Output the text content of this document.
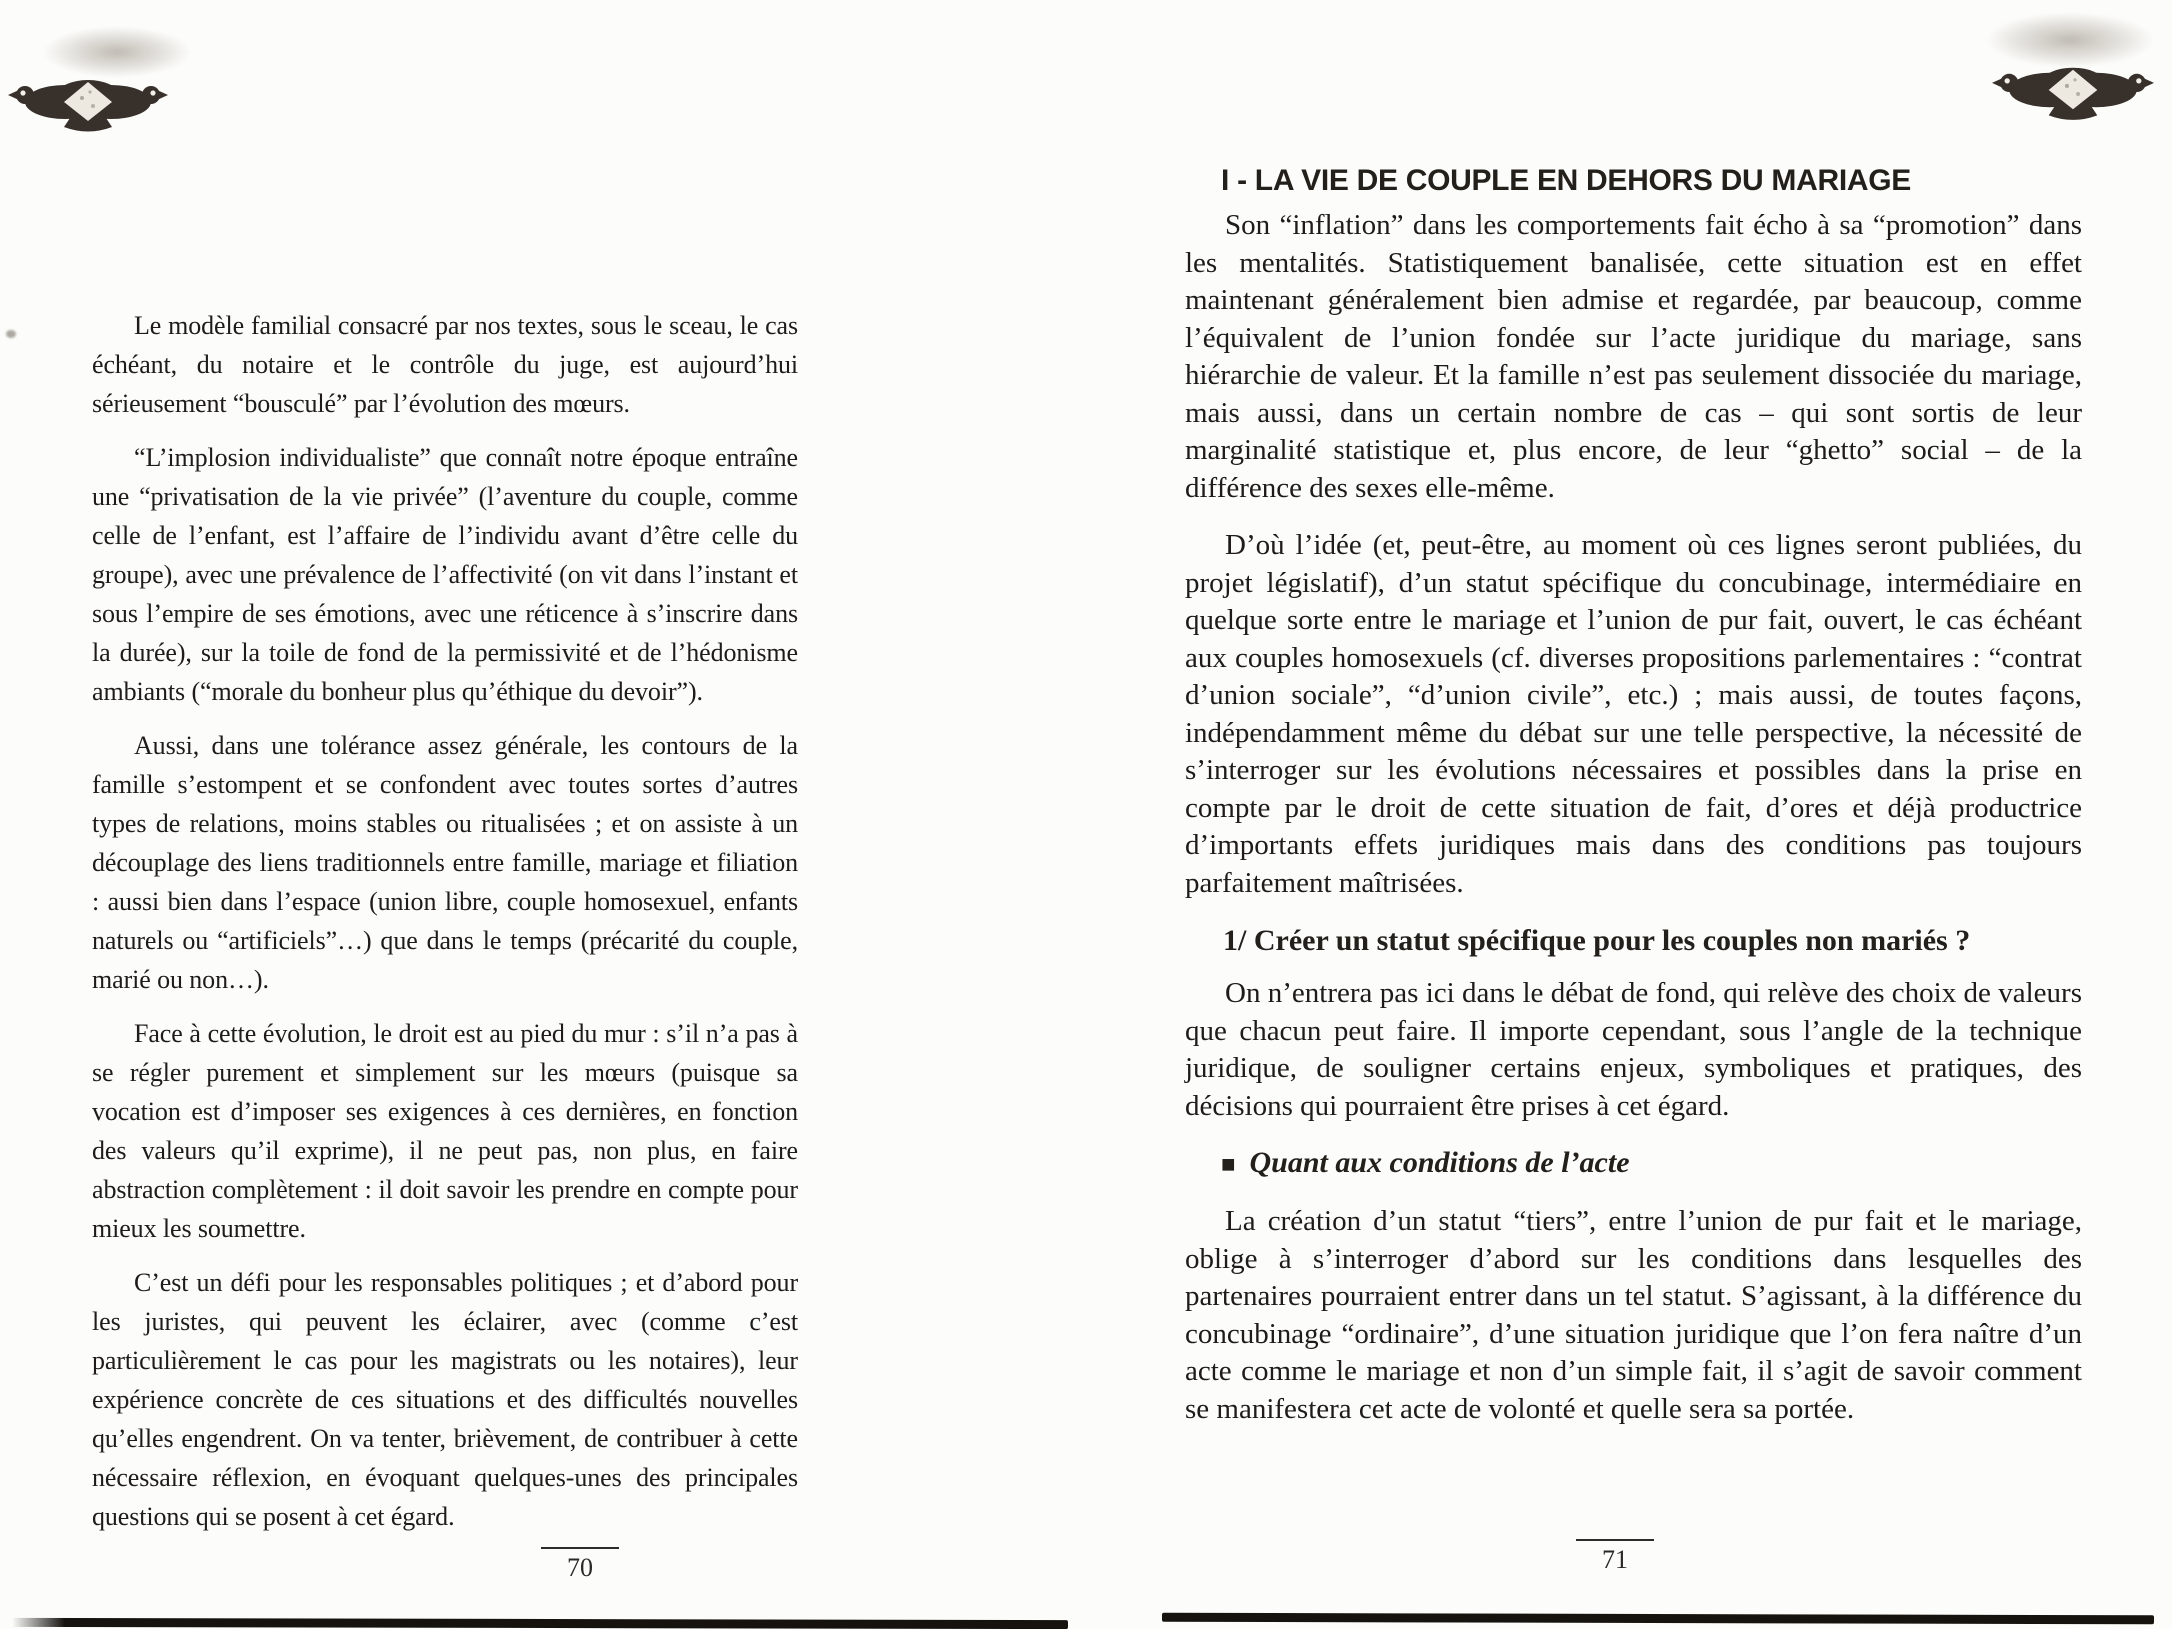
Le modèle familial consacré par nos textes, sous le sceau, le cas échéant, du notaire et le contrôle du juge, est aujourd’hui sérieusement “bousculé” par l’évolution des mœurs.

“L’implosion individualiste” que connaît notre époque entraîne une “privatisation de la vie privée” (l’aventure du couple, comme celle de l’enfant, est l’affaire de l’individu avant d’être celle du groupe), avec une prévalence de l’affectivité (on vit dans l’instant et sous l’empire de ses émotions, avec une réticence à s’inscrire dans la durée), sur la toile de fond de la permissivité et de l’hédonisme ambiants (“morale du bonheur plus qu’éthique du devoir”).

Aussi, dans une tolérance assez générale, les contours de la famille s’estompent et se confondent avec toutes sortes d’autres types de relations, moins stables ou ritualisées ; et on assiste à un découplage des liens traditionnels entre famille, mariage et filiation : aussi bien dans l’espace (union libre, couple homosexuel, enfants naturels ou “artificiels”…) que dans le temps (précarité du couple, marié ou non…).

Face à cette évolution, le droit est au pied du mur : s’il n’a pas à se régler purement et simplement sur les mœurs (puisque sa vocation est d’imposer ses exigences à ces dernières, en fonction des valeurs qu’il exprime), il ne peut pas, non plus, en faire abstraction complètement : il doit savoir les prendre en compte pour mieux les soumettre.

C’est un défi pour les responsables politiques ; et d’abord pour les juristes, qui peuvent les éclairer, avec (comme c’est particulièrement le cas pour les magistrats ou les notaires), leur expérience concrète de ces situations et des difficultés nouvelles qu’elles engendrent. On va tenter, brièvement, de contribuer à cette nécessaire réflexion, en évoquant quelques-unes des principales questions qui se posent à cet égard.

I - LA VIE DE COUPLE EN DEHORS DU MARIAGE

Son “inflation” dans les comportements fait écho à sa “promotion” dans les mentalités. Statistiquement banalisée, cette situation est en effet maintenant généralement bien admise et regardée, par beaucoup, comme l’équivalent de l’union fondée sur l’acte juridique du mariage, sans hiérarchie de valeur. Et la famille n’est pas seulement dissociée du mariage, mais aussi, dans un certain nombre de cas – qui sont sortis de leur marginalité statistique et, plus encore, de leur “ghetto” social – de la différence des sexes elle-même.

D’où l’idée (et, peut-être, au moment où ces lignes seront publiées, du projet législatif), d’un statut spécifique du concubinage, intermédiaire en quelque sorte entre le mariage et l’union de pur fait, ouvert, le cas échéant aux couples homosexuels (cf. diverses propositions parlementaires : “contrat d’union sociale”, “d’union civile”, etc.) ; mais aussi, de toutes façons, indépendamment même du débat sur une telle perspective, la nécessité de s’interroger sur les évolutions nécessaires et possibles dans la prise en compte par le droit de cette situation de fait, d’ores et déjà productrice d’importants effets juridiques mais dans des conditions pas toujours parfaitement maîtrisées.

1/ Créer un statut spécifique pour les couples non mariés ?

On n’entrera pas ici dans le débat de fond, qui relève des choix de valeurs que chacun peut faire. Il importe cependant, sous l’angle de la technique juridique, de souligner certains enjeux, symboliques et pratiques, des décisions qui pourraient être prises à cet égard.

■ Quant aux conditions de l’acte

La création d’un statut “tiers”, entre l’union de pur fait et le mariage, oblige à s’interroger d’abord sur les conditions dans lesquelles des partenaires pourraient entrer dans un tel statut. S’agissant, à la différence du concubinage “ordinaire”, d’une situation juridique que l’on fera naître d’un acte comme le mariage et non d’un simple fait, il s’agit de savoir comment se manifestera cet acte de volonté et quelle sera sa portée.

70	71
